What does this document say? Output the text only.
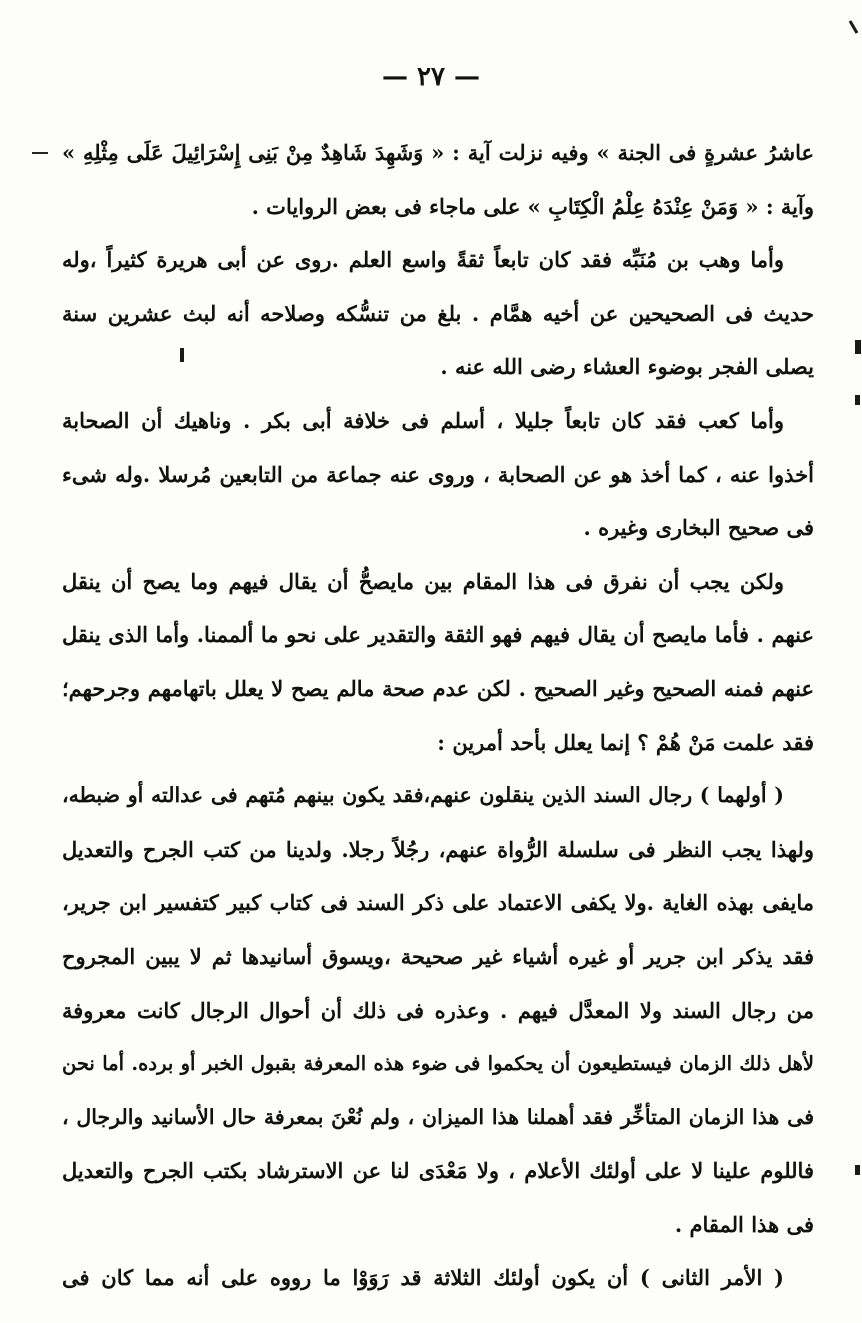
— ٢٧ —
عاشرُ عشرةٍ فى الجنة » وفيه نزلت آية : « وَشَهِدَ شَاهِدٌ مِنْ بَنِى إِسْرَائِيلَ عَلَى مِثْلِهِ »
وآية : « وَمَنْ عِنْدَهُ عِلْمُ الْكِتَابِ » على ماجاء فى بعض الروايات .
وأما وهب بن مُنَبِّه فقد كان تابعاً ثقةً واسع العلم .روى عن أبى هريرة كثيراً ،وله
حديث فى الصحيحين عن أخيه همَّام . بلغ من تنسُّكه وصلاحه أنه لبث عشرين سنة
يصلى الفجر بوضوء العشاء رضى الله عنه .
وأما كعب فقد كان تابعاً جليلا ، أسلم فى خلافة أبى بكر . وناهيك أن الصحابة
أخذوا عنه ، كما أخذ هو عن الصحابة ، وروى عنه جماعة من التابعين مُرسلا .وله شىء
فى صحيح البخارى وغيره .
ولكن يجب أن نفرق فى هذا المقام بين مايصحُّ أن يقال فيهم وما يصح أن ينقل
عنهم . فأما مايصح أن يقال فيهم فهو الثقة والتقدير على نحو ما ألممنا. وأما الذى ينقل
عنهم فمنه الصحيح وغير الصحيح . لكن عدم صحة مالم يصح لا يعلل باتهامهم وجرحهم؛
فقد علمت مَنْ هُمْ ؟ إنما يعلل بأحد أمرين :
( أولهما ) رجال السند الذين ينقلون عنهم،فقد يكون بينهم مُتهم فى عدالته أو ضبطه،
ولهذا يجب النظر فى سلسلة الرُّواة عنهم، رجُلاً رجلا. ولدينا من كتب الجرح والتعديل
مايفى بهذه الغاية .ولا يكفى الاعتماد على ذكر السند فى كتاب كبير كتفسير ابن جرير،
فقد يذكر ابن جرير أو غيره أشياء غير صحيحة ،ويسوق أسانيدها ثم لا يبين المجروح
من رجال السند ولا المعدَّل فيهم . وعذره فى ذلك أن أحوال الرجال كانت معروفة
لأهل ذلك الزمان فيستطيعون أن يحكموا فى ضوء هذه المعرفة بقبول الخبر أو برده. أما نحن
فى هذا الزمان المتأخِّر فقد أهملنا هذا الميزان ، ولم نُعْنَ بمعرفة حال الأسانيد والرجال ،
فاللوم علينا لا على أولئك الأعلام ، ولا مَعْدَى لنا عن الاسترشاد بكتب الجرح والتعديل
فى هذا المقام .
( الأمر الثانى ) أن يكون أولئك الثلاثة قد رَوَوْا ما رووه على أنه مما كان فى
